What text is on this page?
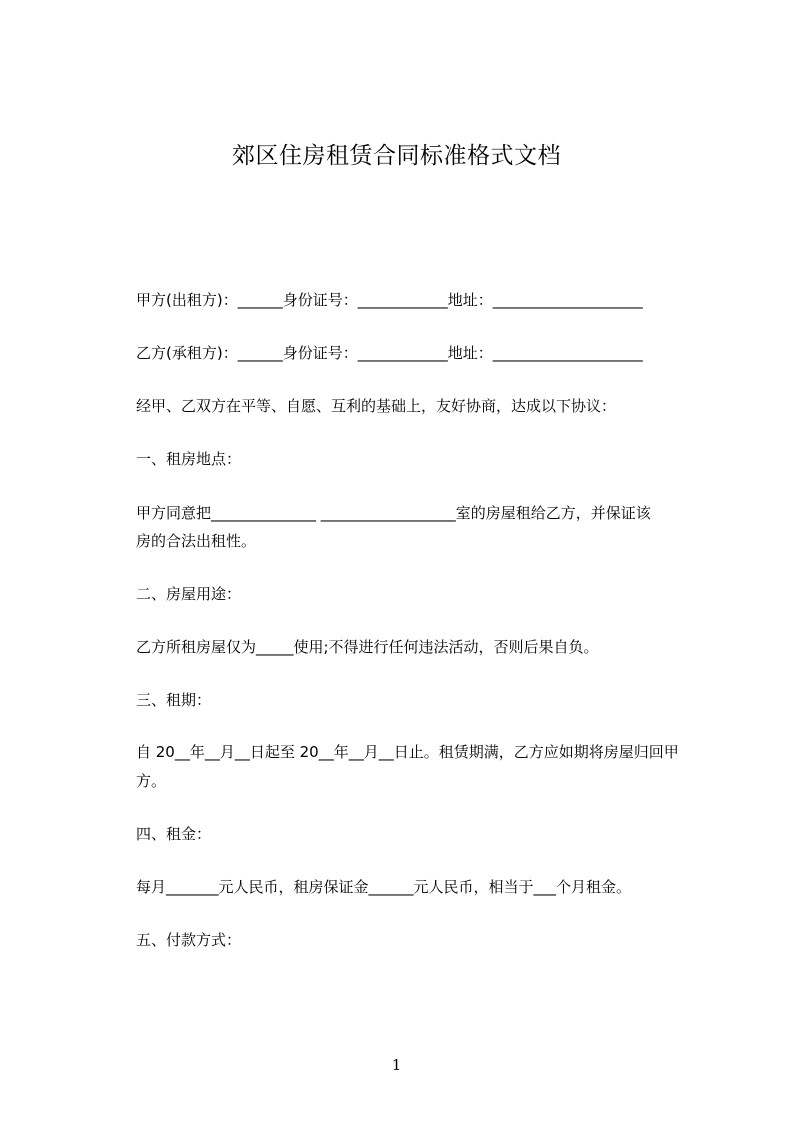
郊区住房租赁合同标准格式文档
甲方(出租方)：______身份证号：____________地址：____________________
乙方(承租方)：______身份证号：____________地址：____________________
经甲、乙双方在平等、自愿、互利的基础上，友好协商，达成以下协议：
一、租房地点：
甲方同意把______________ __________________室的房屋租给乙方，并保证该
房的合法出租性。
二、房屋用途：
乙方所租房屋仅为_____使用;不得进行任何违法活动，否则后果自负。
三、租期：
自 20__年__月__日起至 20__年__月__日止。租赁期满，乙方应如期将房屋归回甲
方。
四、租金：
每月_______元人民币，租房保证金______元人民币，相当于___个月租金。
五、付款方式：
1
